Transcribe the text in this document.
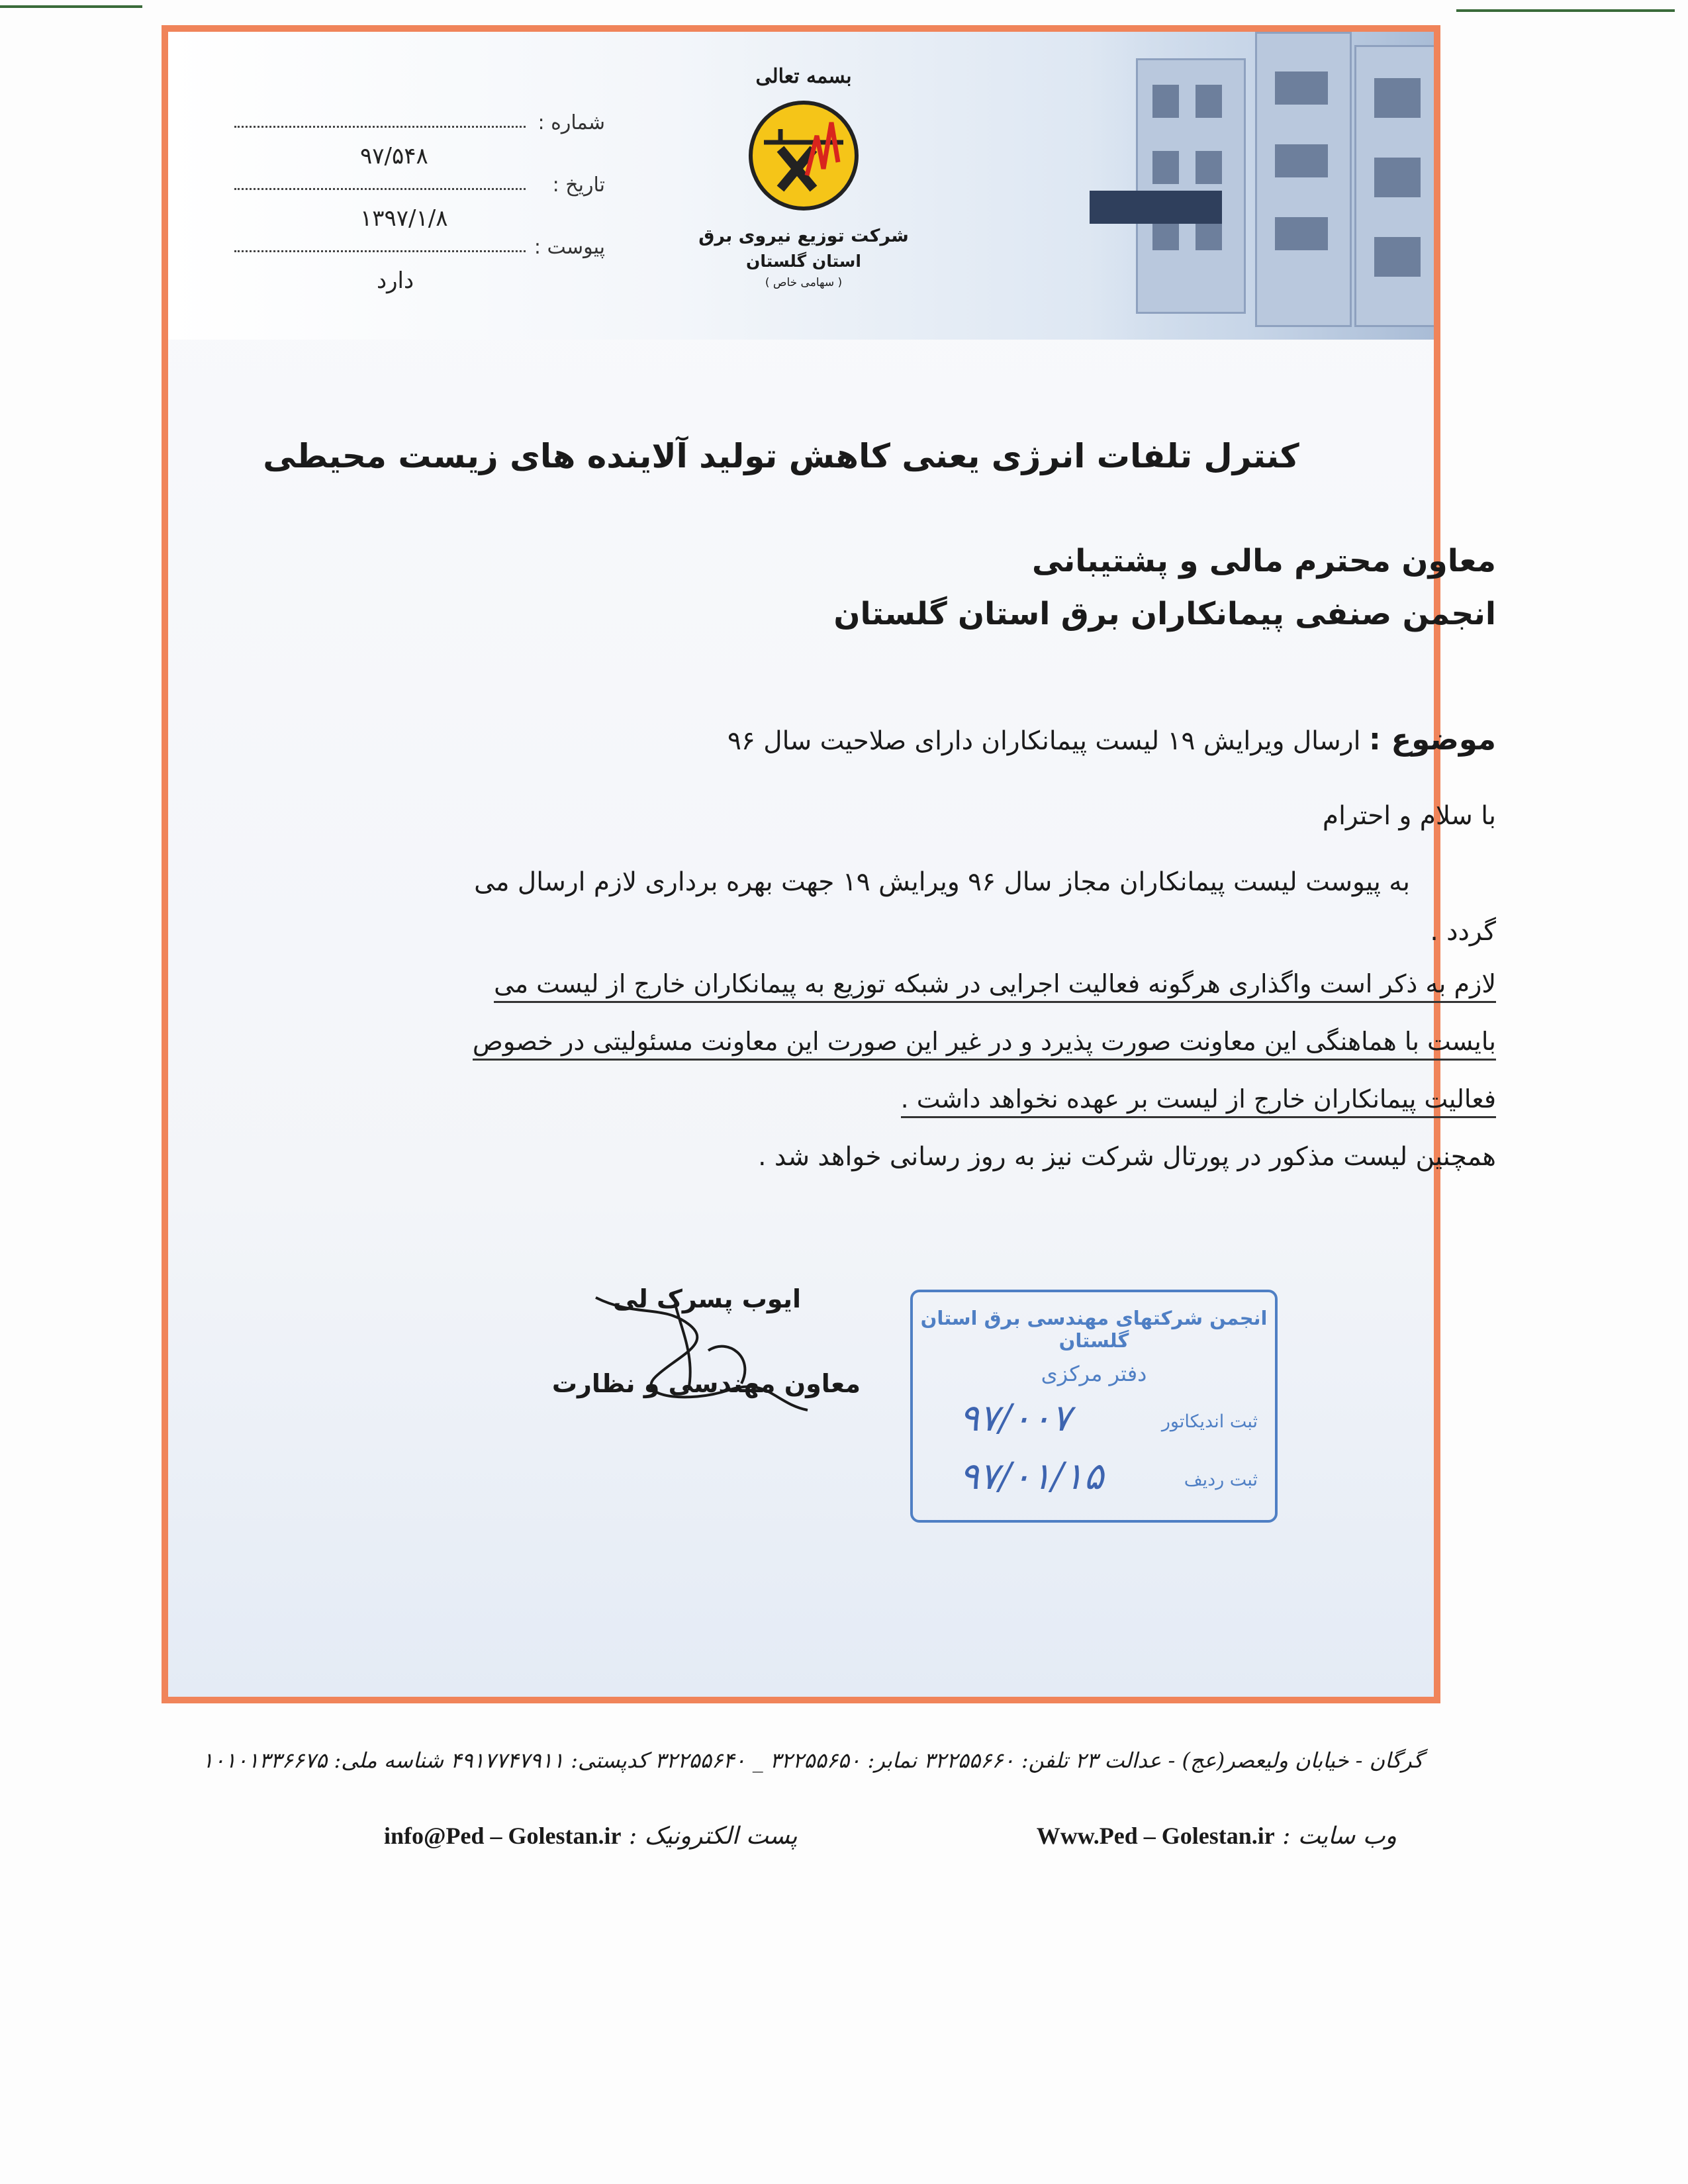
شماره :
۹۷/۵۴۸
تاریخ :
۱۳۹۷/۱/۸
پیوست :
دارد
بسمه تعالی
شرکت توزیع نیروی برق
استان گلستان
( سهامی خاص )
کنترل تلفات انرژی یعنی کاهش تولید آلاینده های زیست محیطی
معاون محترم مالی و پشتیبانی
انجمن صنفی پیمانکاران برق استان گلستان
موضوع : ارسال ویرایش ۱۹ لیست پیمانکاران دارای صلاحیت سال ۹۶
با سلام و احترام
به پیوست لیست پیمانکاران مجاز سال ۹۶ ویرایش ۱۹ جهت بهره برداری لازم ارسال می
گردد .
لازم به ذکر است واگذاری هرگونه فعالیت اجرایی در شبکه توزیع به پیمانکاران خارج از لیست می
بایست با هماهنگی این معاونت صورت پذیرد و در غیر این صورت این معاونت مسئولیتی در خصوص
فعالیت پیمانکاران خارج از لیست بر عهده نخواهد داشت .
همچنین لیست مذکور در پورتال شرکت نیز به روز رسانی خواهد شد .
ایوب پسرک لی
معاون مهندسی و نظارت
انجمن شرکتهای مهندسی برق استان گلستان
دفتر مرکزی
ثبت اندیکاتور
۹۷/۰۰۷
ثبت ردیف
۹۷/۰۱/۱۵
گرگان - خیابان ولیعصر(عج) - عدالت ۲۳ تلفن: ۳۲۲۵۵۶۶۰ نمابر: ۳۲۲۵۵۶۵۰ _ ۳۲۲۵۵۶۴۰ کدپستی: ۴۹۱۷۷۴۷۹۱۱ شناسه ملی: ۱۰۱۰۱۳۳۶۶۷۵
وب سایت : Www.Ped – Golestan.ir
پست الکترونیک : info@Ped – Golestan.ir
